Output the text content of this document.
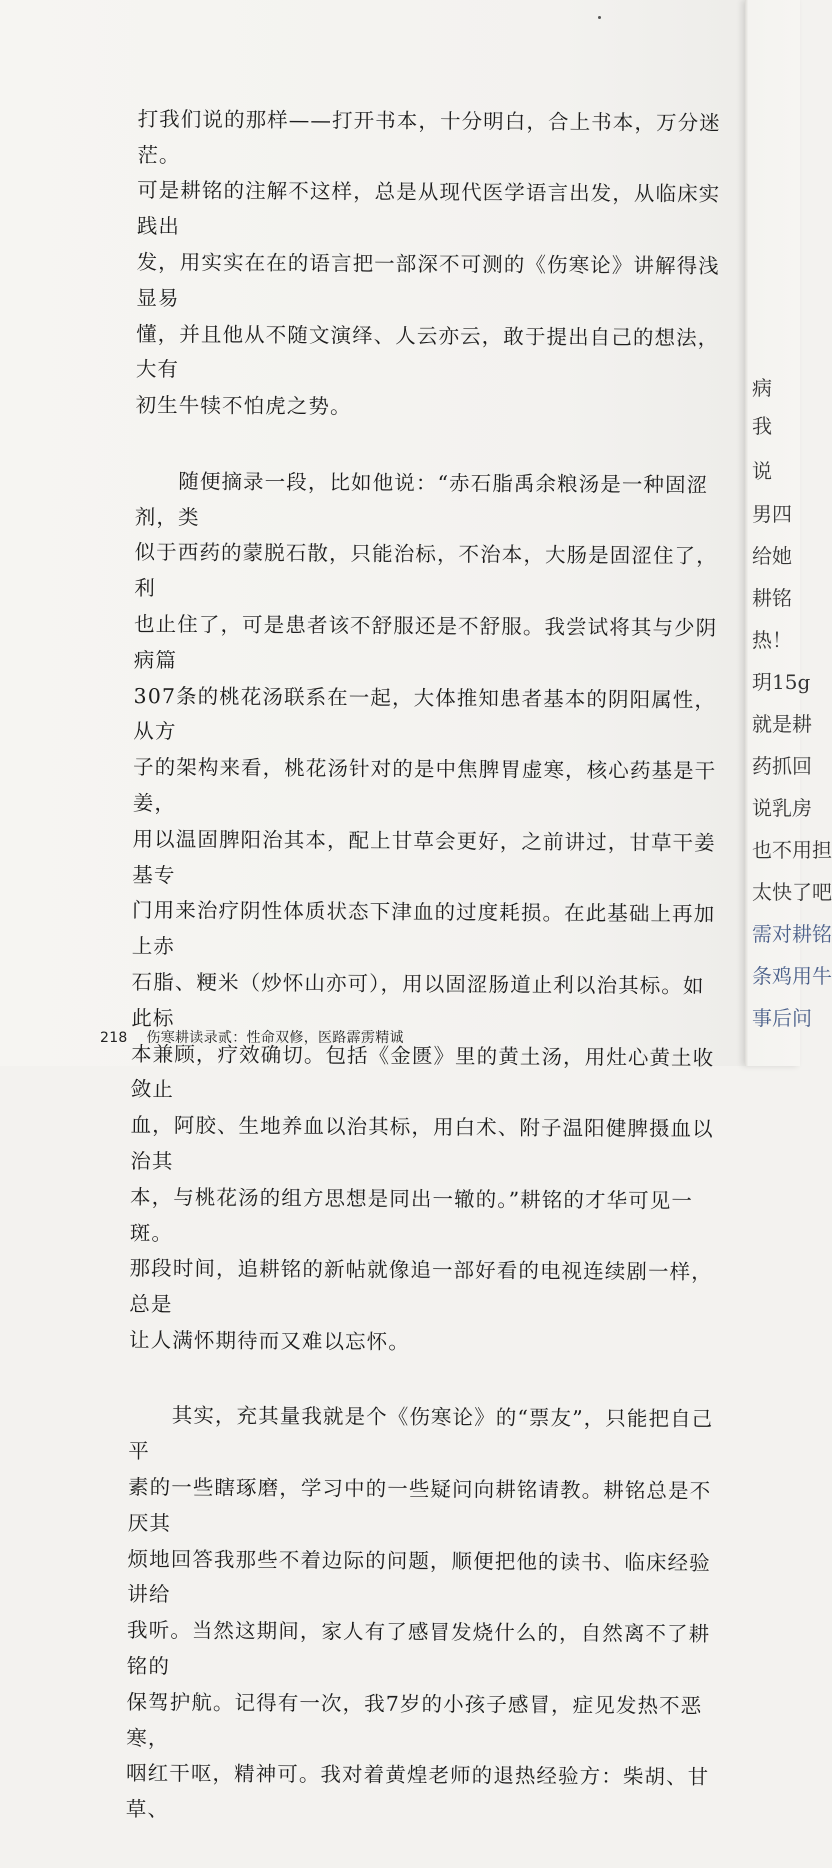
打我们说的那样——打开书本，十分明白，合上书本，万分迷茫。
可是耕铭的注解不这样，总是从现代医学语言出发，从临床实践出
发，用实实在在的语言把一部深不可测的《伤寒论》讲解得浅显易
懂，并且他从不随文演绎、人云亦云，敢于提出自己的想法，大有
初生牛犊不怕虎之势。

　　随便摘录一段，比如他说：“赤石脂禹余粮汤是一种固涩剂，类
似于西药的蒙脱石散，只能治标，不治本，大肠是固涩住了，利
也止住了，可是患者该不舒服还是不舒服。我尝试将其与少阴病篇
307条的桃花汤联系在一起，大体推知患者基本的阴阳属性，从方
子的架构来看，桃花汤针对的是中焦脾胃虚寒，核心药基是干姜，
用以温固脾阳治其本，配上甘草会更好，之前讲过，甘草干姜基专
门用来治疗阴性体质状态下津血的过度耗损。在此基础上再加上赤
石脂、粳米（炒怀山亦可），用以固涩肠道止利以治其标。如此标
本兼顾，疗效确切。包括《金匮》里的黄土汤，用灶心黄土收敛止
血，阿胶、生地养血以治其标，用白术、附子温阳健脾摄血以治其
本，与桃花汤的组方思想是同出一辙的。”耕铭的才华可见一斑。
那段时间，追耕铭的新帖就像追一部好看的电视连续剧一样，总是
让人满怀期待而又难以忘怀。

　　其实，充其量我就是个《伤寒论》的“票友”，只能把自己平
素的一些瞎琢磨，学习中的一些疑问向耕铭请教。耕铭总是不厌其
烦地回答我那些不着边际的问题，顺便把他的读书、临床经验讲给
我听。当然这期间，家人有了感冒发烧什么的，自然离不了耕铭的
保驾护航。记得有一次，我7岁的小孩子感冒，症见发热不恶寒，
咽红干呕，精神可。我对着黄煌老师的退热经验方：柴胡、甘草、

218 伤寒耕读录贰：性命双修，医路霹雳精诚
病
我
说
男四
给她
耕铭
热！
玥15g
就是耕
药抓回
说乳房
也不用担
太快了吧
需对耕铭
条鸡用牛
事后问
